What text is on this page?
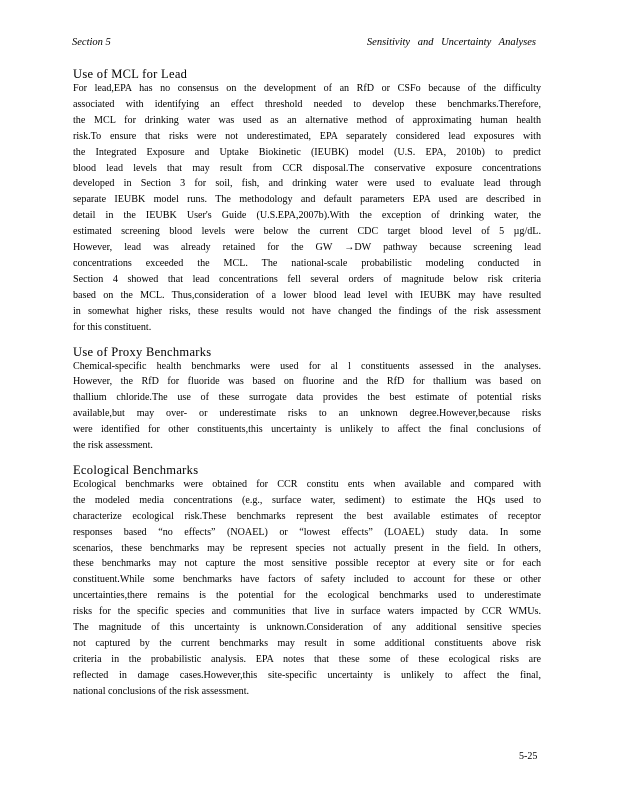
Section 5	Sensitivity and Uncertainty Analyses
Use of MCL for Lead
For lead,EPA has no consensus on the development of an RfD or CSFo because of the difficulty
associated with identifying an effect threshold needed to develop these benchmarks.Therefore,
the MCL for drinking water was used as an alternative method of approximating human health
risk.To ensure that risks were not underestimated, EPA separately considered lead exposures with
the Integrated Exposure and Uptake Biokinetic (IEUBK) model (U.S. EPA, 2010b) to predict
blood lead levels that may result from CCR disposal.The conservative exposure concentrations
developed in Section 3 for soil, fish, and drinking water were used to evaluate lead through
separate IEUBK model runs. The methodology and default parameters EPA used are described in
detail in the IEUBK User's Guide (U.S.EPA,2007b).With the exception of drinking water, the
estimated screening blood levels were below the current CDC target blood level of 5 µg/dL.
However, lead was already retained for the GW →DW pathway because screening lead
concentrations exceeded the MCL. The national-scale probabilistic modeling conducted in
Section 4 showed that lead concentrations fell several orders of magnitude below risk criteria
based on the MCL. Thus,consideration of a lower blood lead level with IEUBK may have resulted
in somewhat higher risks, these results would not have changed the findings of the risk assessment
for this constituent.
Use of Proxy Benchmarks
Chemical-specific health benchmarks were used for al l constituents assessed in the analyses.
However, the RfD for fluoride was based on fluorine and the RfD for thallium was based on
thallium chloride.The use of these surrogate data provides the best estimate of potential risks
available,but may over- or underestimate risks to an unknown degree.However,because risks
were identified for other constituents,this uncertainty is unlikely to affect the final conclusions of
the risk assessment.
Ecological Benchmarks
Ecological benchmarks were obtained for CCR constitu ents when available and compared with
the modeled media concentrations (e.g., surface water, sediment) to estimate the HQs used to
characterize ecological risk.These benchmarks represent the best available estimates of receptor
responses based “no effects” (NOAEL) or “lowest effects” (LOAEL) study data. In some
scenarios, these benchmarks may be represent species not actually present in the field. In others,
these benchmarks may not capture the most sensitive possible receptor at every site or for each
constituent.While some benchmarks have factors of safety included to account for these or other
uncertainties,there remains is the potential for the ecological benchmarks used to underestimate
risks for the specific species and communities that live in surface waters impacted by CCR WMUs.
The magnitude of this uncertainty is unknown.Consideration of any additional sensitive species
not captured by the current benchmarks may result in some additional constituents above risk
criteria in the probabilistic analysis. EPA notes that these some of these ecological risks are
reflected in damage cases.However,this site-specific uncertainty is unlikely to affect the final,
national conclusions of the risk assessment.
5-25
